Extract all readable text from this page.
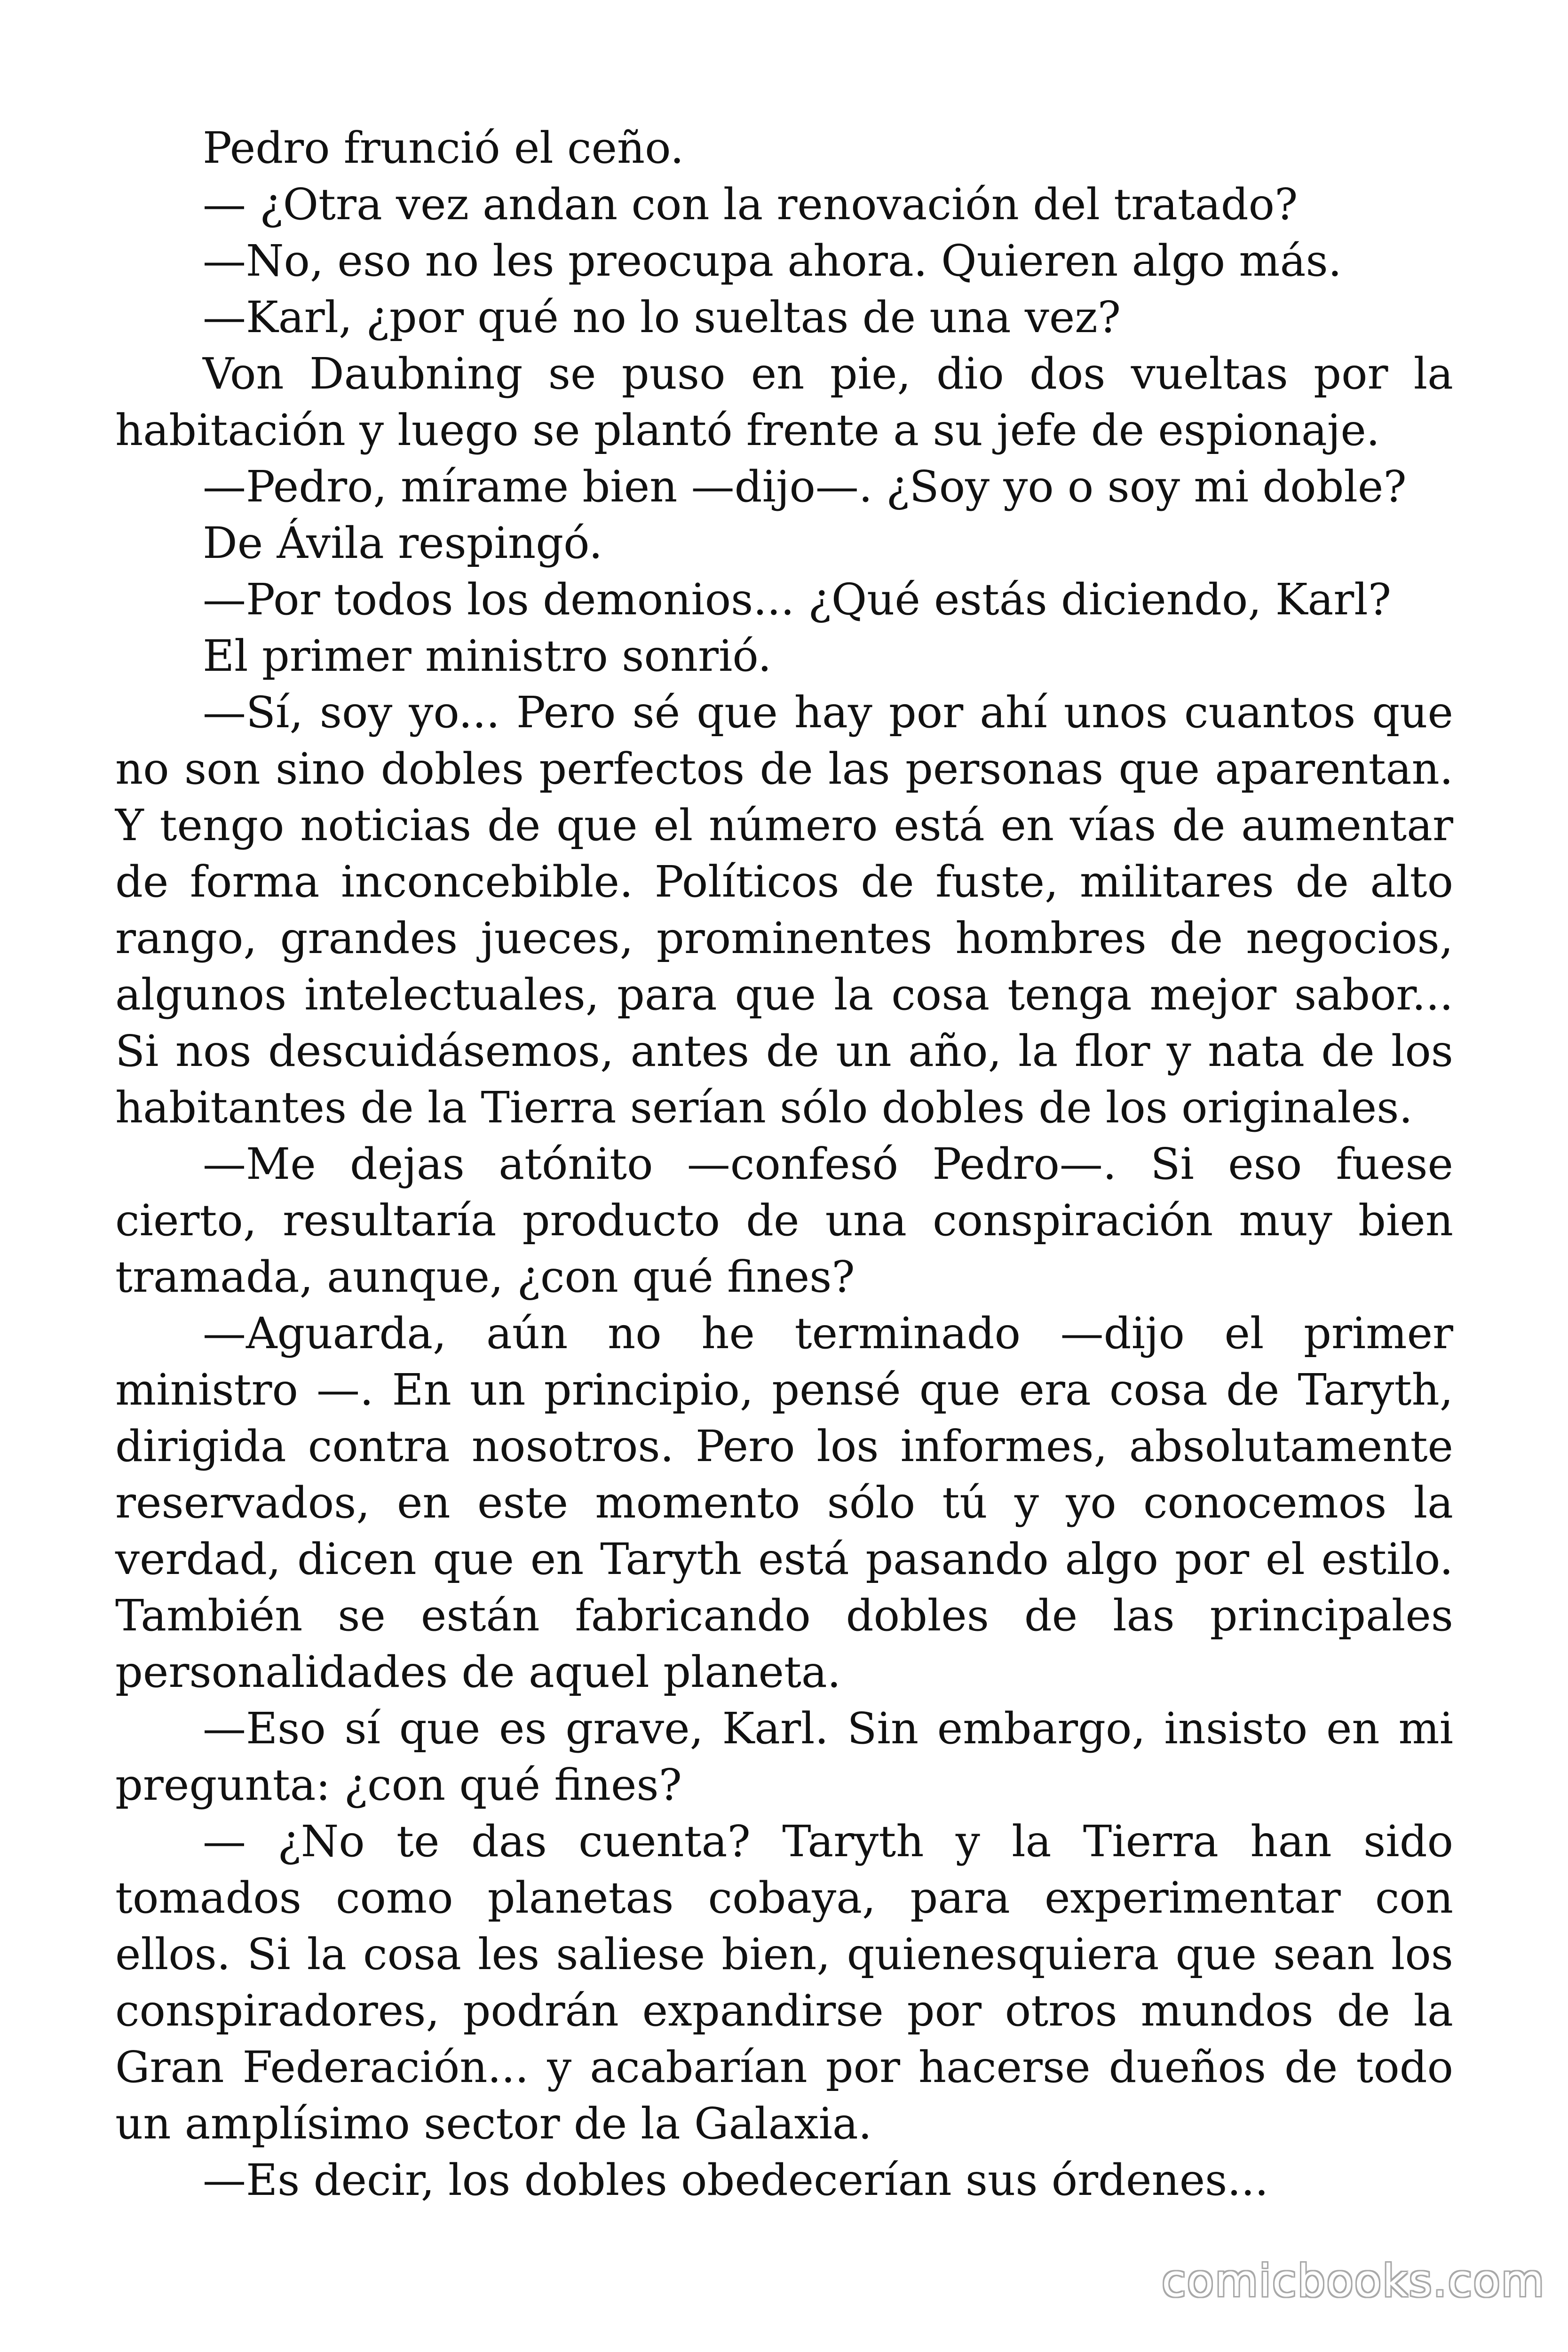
Pedro frunció el ceño.

— ¿Otra vez andan con la renovación del tratado?

—No, eso no les preocupa ahora. Quieren algo más.

—Karl, ¿por qué no lo sueltas de una vez?

Von Daubning se puso en pie, dio dos vueltas por la habitación y luego se plantó frente a su jefe de espionaje.

—Pedro, mírame bien —dijo—. ¿Soy yo o soy mi doble?

De Ávila respingó.

—Por todos los demonios... ¿Qué estás diciendo, Karl?

El primer ministro sonrió.

—Sí, soy yo... Pero sé que hay por ahí unos cuantos que no son sino dobles perfectos de las personas que aparentan. Y tengo noticias de que el número está en vías de aumentar de forma inconcebible. Políticos de fuste, militares de alto rango, grandes jueces, prominentes hombres de negocios, algunos intelectuales, para que la cosa tenga mejor sabor... Si nos descuidásemos, antes de un año, la flor y nata de los habitantes de la Tierra serían sólo dobles de los originales.

—Me dejas atónito —confesó Pedro—. Si eso fuese cierto, resultaría producto de una conspiración muy bien tramada, aunque, ¿con qué fines?

—Aguarda, aún no he terminado —dijo el primer ministro —. En un principio, pensé que era cosa de Taryth, dirigida contra nosotros. Pero los informes, absolutamente reservados, en este momento sólo tú y yo conocemos la verdad, dicen que en Taryth está pasando algo por el estilo. También se están fabricando dobles de las principales personalidades de aquel planeta.

—Eso sí que es grave, Karl. Sin embargo, insisto en mi pregunta: ¿con qué fines?

— ¿No te das cuenta? Taryth y la Tierra han sido tomados como planetas cobaya, para experimentar con ellos. Si la cosa les saliese bien, quienesquiera que sean los conspiradores, podrán expandirse por otros mundos de la Gran Federación... y acabarían por hacerse dueños de todo un amplísimo sector de la Galaxia.

—Es decir, los dobles obedecerían sus órdenes...

comicbooks.com
